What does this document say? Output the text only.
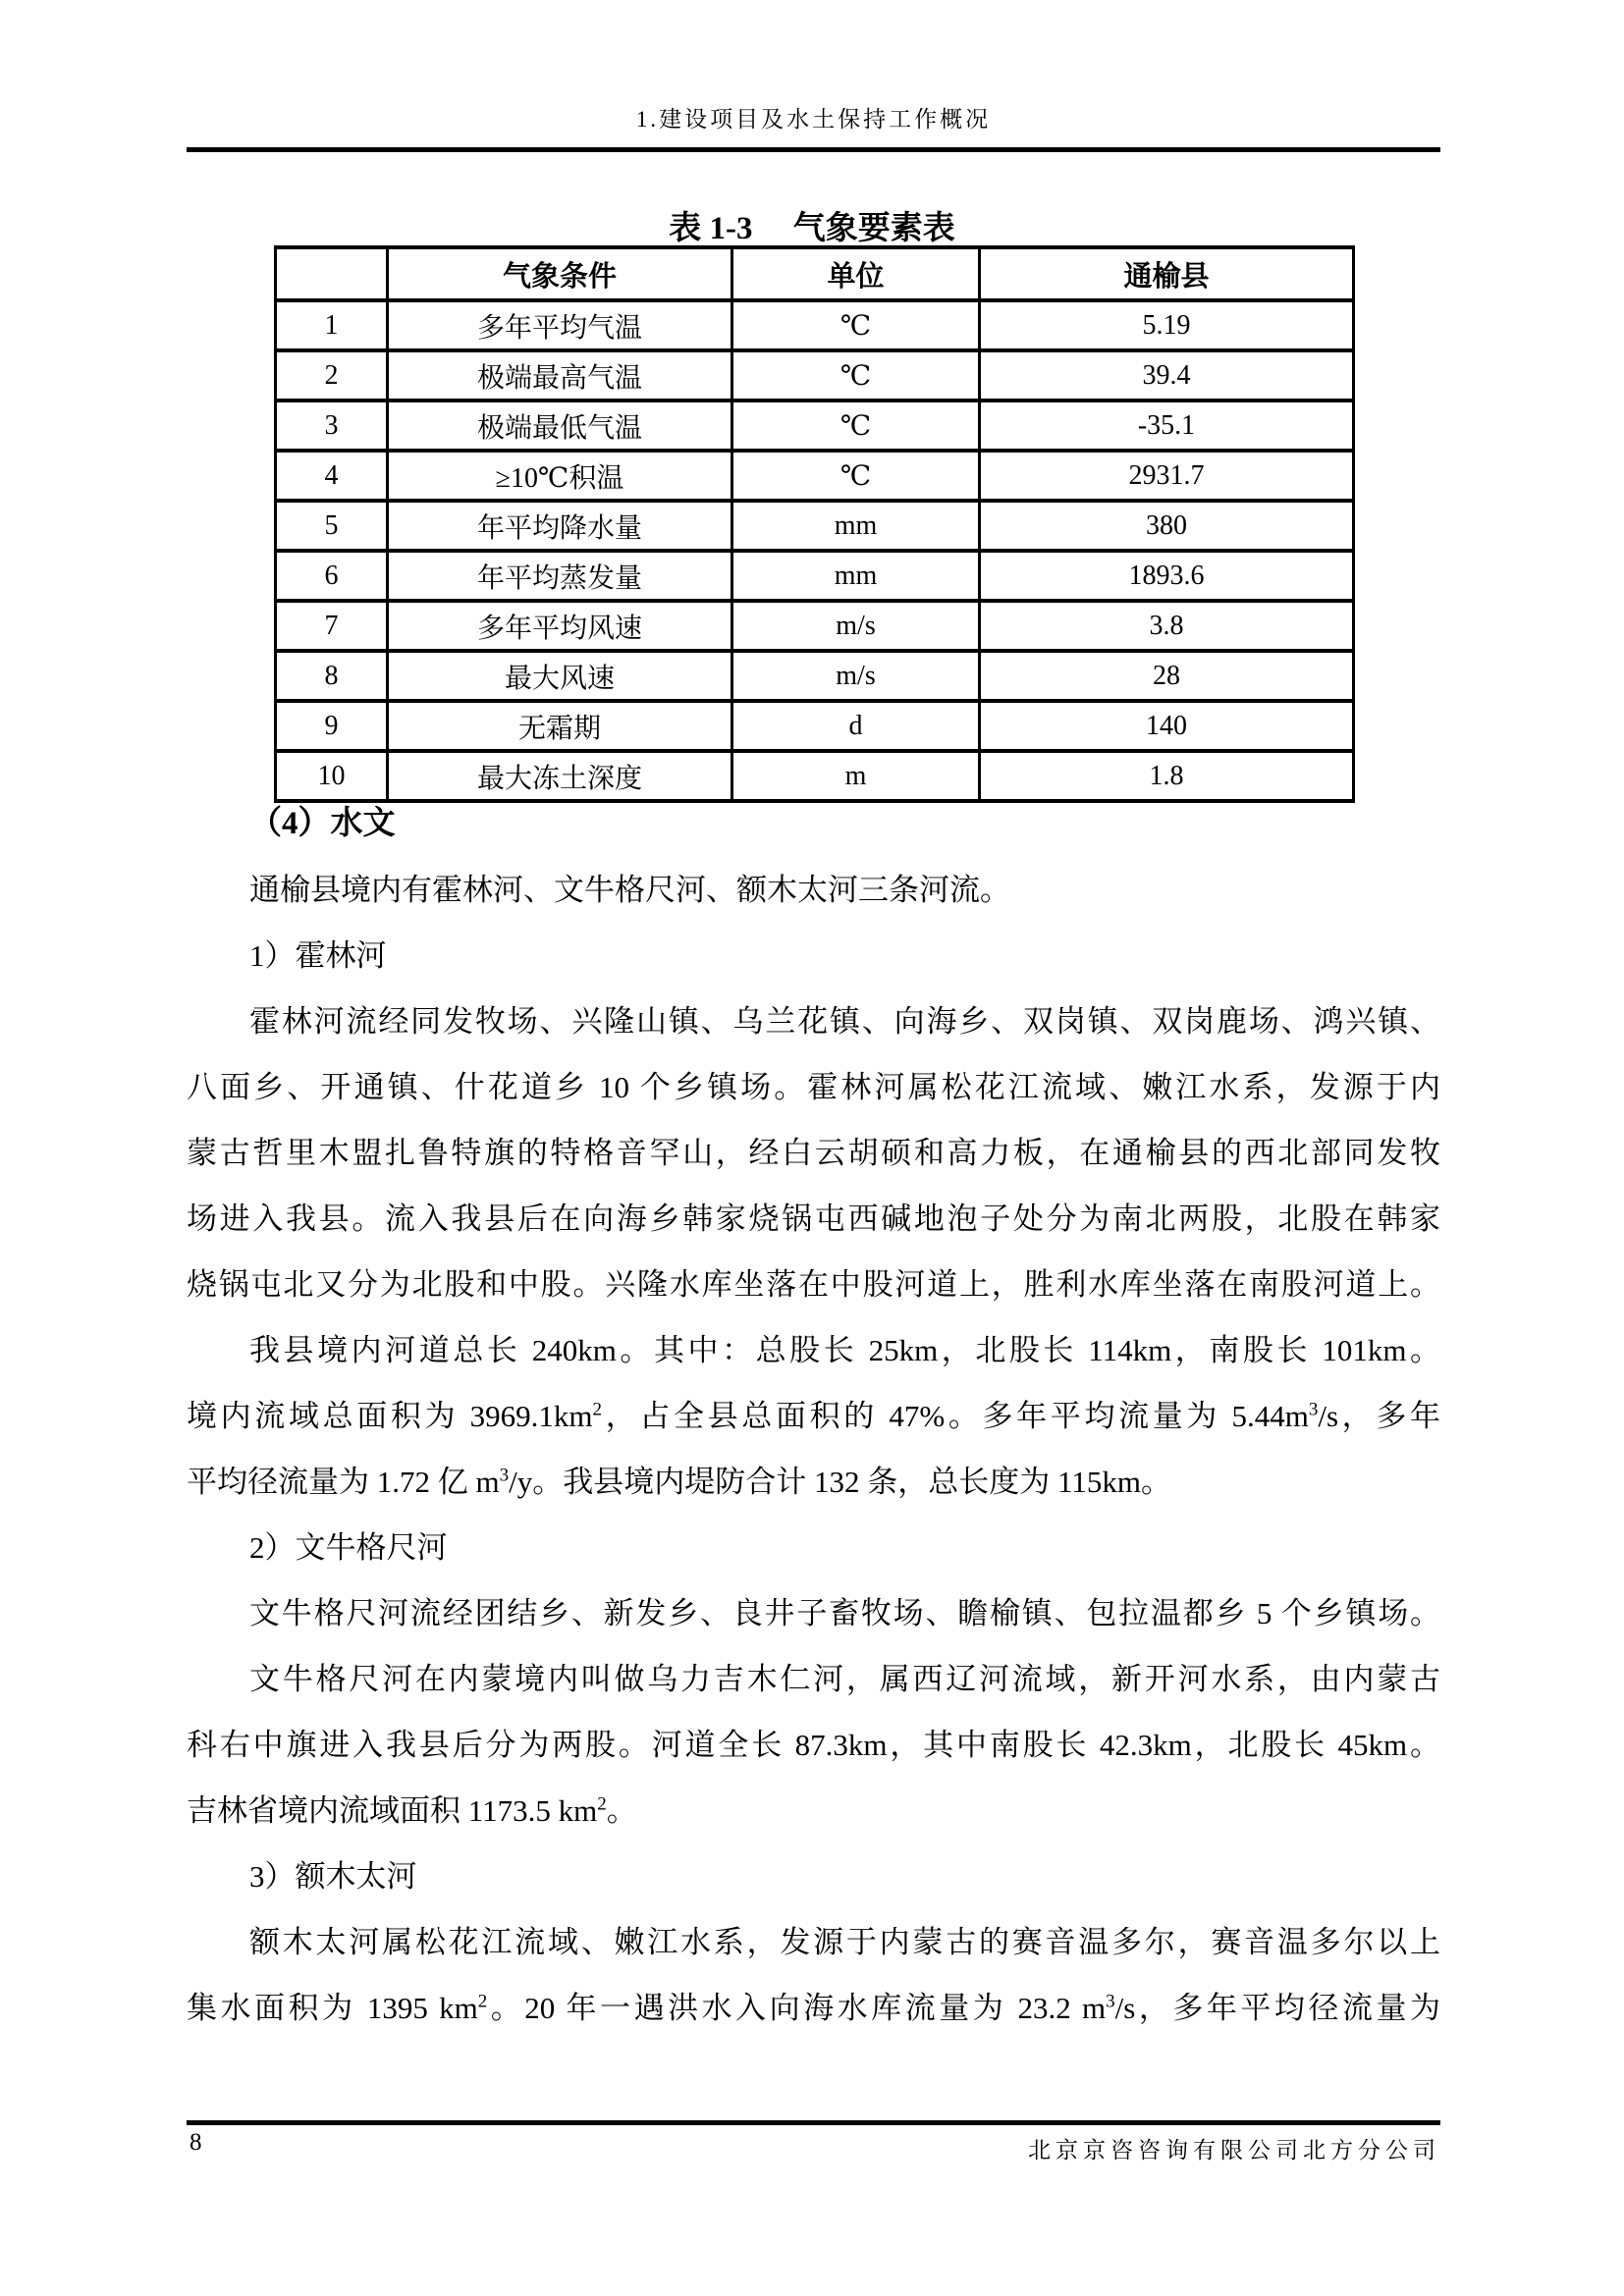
1.建设项目及水土保持工作概况
表 1-3　 气象要素表
	气象条件	单位	通榆县
1	多年平均气温	℃	5.19
2	极端最高气温	℃	39.4
3	极端最低气温	℃	-35.1
4	≥10℃积温	℃	2931.7
5	年平均降水量	mm	380
6	年平均蒸发量	mm	1893.6
7	多年平均风速	m/s	3.8
8	最大风速	m/s	28
9	无霜期	d	140
10	最大冻土深度	m	1.8
（4）水文
通榆县境内有霍林河、文牛格尺河、额木太河三条河流。
1）霍林河
霍林河流经同发牧场、兴隆山镇、乌兰花镇、向海乡、双岗镇、双岗鹿场、鸿兴镇、
八面乡、开通镇、什花道乡 10 个乡镇场。霍林河属松花江流域、嫩江水系，发源于内
蒙古哲里木盟扎鲁特旗的特格音罕山，经白云胡硕和高力板，在通榆县的西北部同发牧
场进入我县。流入我县后在向海乡韩家烧锅屯西碱地泡子处分为南北两股，北股在韩家
烧锅屯北又分为北股和中股。兴隆水库坐落在中股河道上，胜利水库坐落在南股河道上。
我县境内河道总长 240km。其中：总股长 25km，北股长 114km，南股长 101km。
境内流域总面积为 $3969.1km^2$，占全县总面积的 47%。多年平均流量为 $5.44m^3/s$，多年
平均径流量为 1.72 亿 $m^3/y$。我县境内堤防合计 132 条，总长度为 115km。
2）文牛格尺河
文牛格尺河流经团结乡、新发乡、良井子畜牧场、瞻榆镇、包拉温都乡 5 个乡镇场。
文牛格尺河在内蒙境内叫做乌力吉木仁河，属西辽河流域，新开河水系，由内蒙古
科右中旗进入我县后分为两股。河道全长 87.3km，其中南股长 42.3km，北股长 45km。
吉林省境内流域面积 1173.5 $km^2$。
3）额木太河
额木太河属松花江流域、嫩江水系，发源于内蒙古的赛音温多尔，赛音温多尔以上
集水面积为 1395 $km^2$。20 年一遇洪水入向海水库流量为 23.2 $m^3/s$，多年平均径流量为
8	北京京咨咨询有限公司北方分公司
